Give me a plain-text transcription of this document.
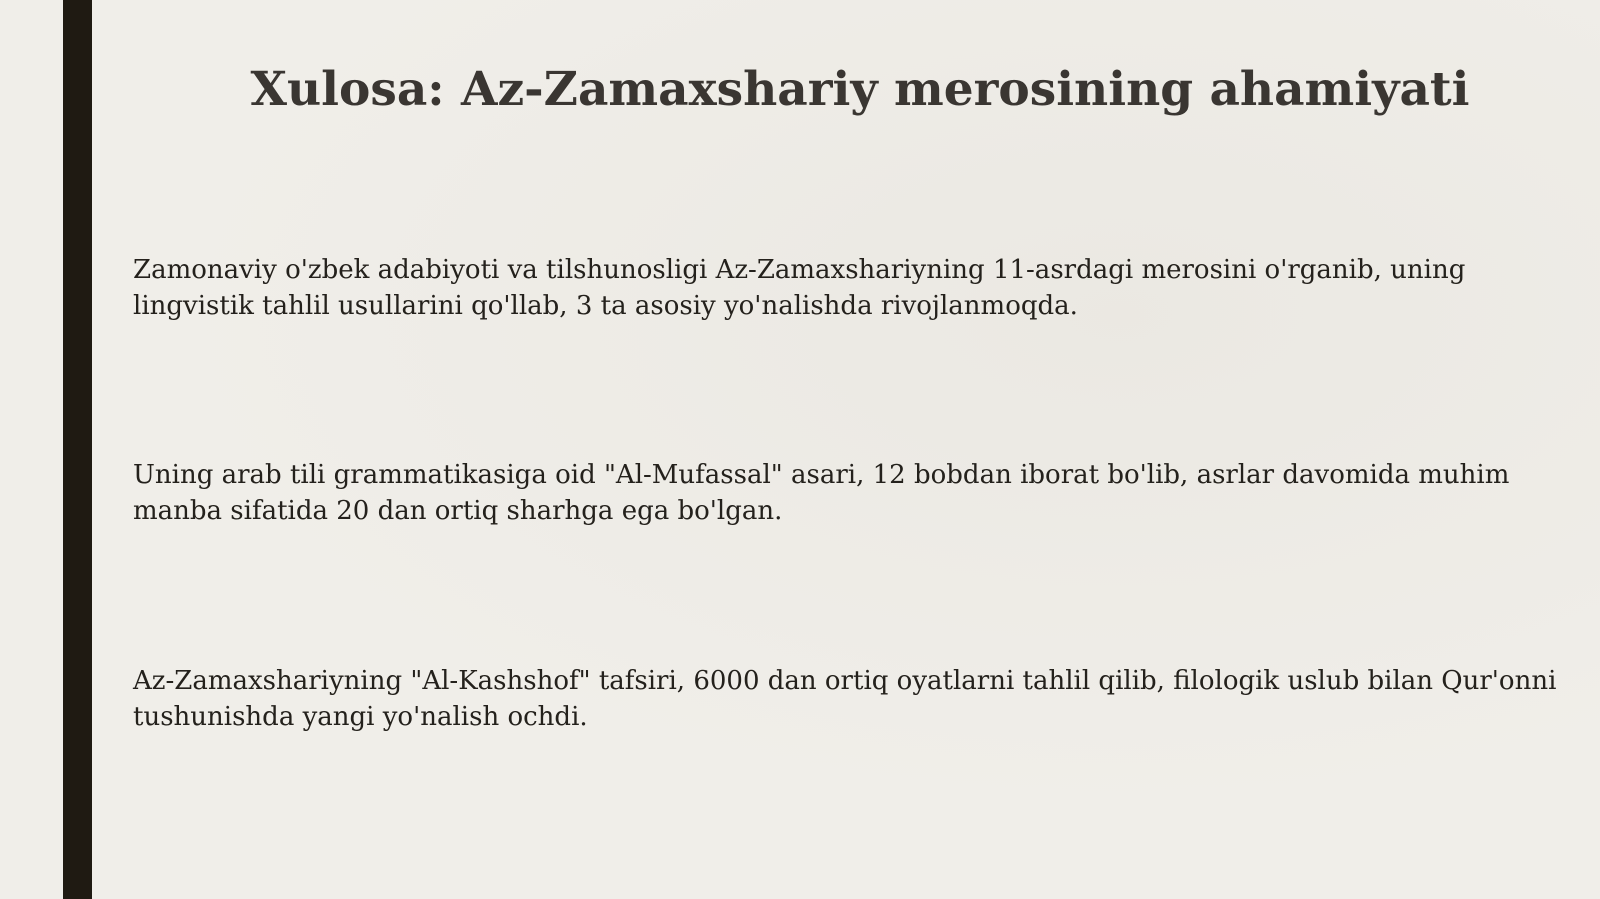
Xulosa: Az-Zamaxshariy merosining ahamiyati

Zamonaviy o'zbek adabiyoti va tilshunosligi Az-Zamaxshariyning 11-asrdagi merosini o'rganib, uning lingvistik tahlil usullarini qo'llab, 3 ta asosiy yo'nalishda rivojlanmoqda.

Uning arab tili grammatikasiga oid "Al-Mufassal" asari, 12 bobdan iborat bo'lib, asrlar davomida muhim manba sifatida 20 dan ortiq sharhga ega bo'lgan.

Az-Zamaxshariyning "Al-Kashshof" tafsiri, 6000 dan ortiq oyatlarni tahlil qilib, filologik uslub bilan Qur'onni tushunishda yangi yo'nalish ochdi.
